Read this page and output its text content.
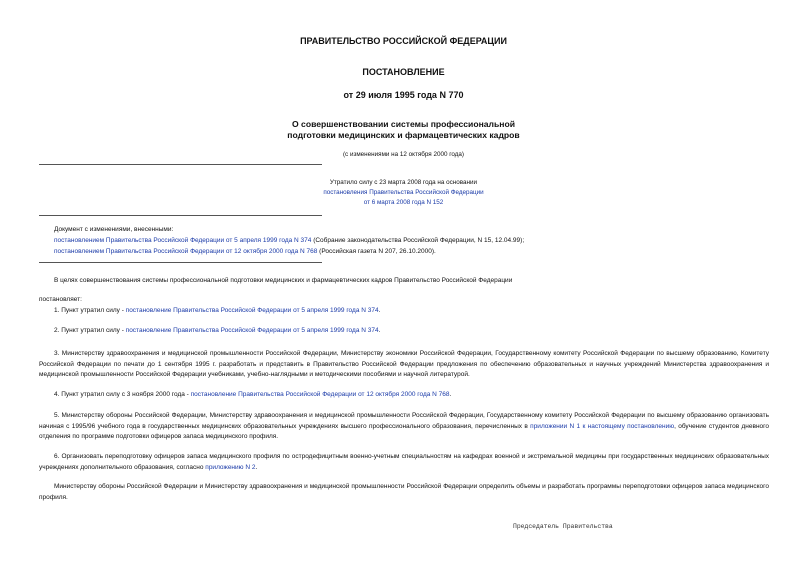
ПРАВИТЕЛЬСТВО РОССИЙСКОЙ ФЕДЕРАЦИИ
ПОСТАНОВЛЕНИЕ
от 29 июля 1995 года N 770
О совершенствовании системы профессиональной
подготовки медицинских и фармацевтических кадров
(с изменениями на 12 октября 2000 года)
Утратило силу с 23 марта 2008 года на основании
постановления Правительства Российской Федерации
от 6 марта 2008 года N 152
Документ с изменениями, внесенными:
постановлением Правительства Российской Федерации от 5 апреля 1999 года N 374 (Собрание законодательства Российской Федерации, N 15, 12.04.99);
постановлением Правительства Российской Федерации от 12 октября 2000 года N 768 (Российская газета N 207, 26.10.2000).
В целях совершенствования системы профессиональной подготовки медицинских и фармацевтических кадров Правительство Российской Федерации
постановляет:
1. Пункт утратил силу - постановление Правительства Российской Федерации от 5 апреля 1999 года N 374.
2. Пункт утратил силу - постановление Правительства Российской Федерации от 5 апреля 1999 года N 374.
3. Министерству здравоохранения и медицинской промышленности Российской Федерации, Министерству экономики Российской Федерации, Государственному комитету Российской Федерации по высшему образованию, Комитету Российской Федерации по печати до 1 сентября 1995 г. разработать и представить в Правительство Российской Федерации предложения по обеспечению образовательных и научных учреждений Министерства здравоохранения и медицинской промышленности Российской Федерации учебниками, учебно-наглядными и методическими пособиями и научной литературой.
4. Пункт утратил силу с 3 ноября 2000 года - постановление Правительства Российской Федерации от 12 октября 2000 года N 768.
5. Министерству обороны Российской Федерации, Министерству здравоохранения и медицинской промышленности Российской Федерации, Государственному комитету Российской Федерации по высшему образованию организовать начиная с 1995/96 учебного года в государственных медицинских образовательных учреждениях высшего профессионального образования, перечисленных в приложении N 1 к настоящему постановлению, обучение студентов дневного отделения по программе подготовки офицеров запаса медицинского профиля.
6. Организовать переподготовку офицеров запаса медицинского профиля по остродефицитным военно-учетным специальностям на кафедрах военной и экстремальной медицины при государственных медицинских образовательных учреждениях дополнительного образования, согласно приложению N 2.
Министерству обороны Российской Федерации и Министерству здравоохранения и медицинской промышленности Российской Федерации определить объемы и разработать программы переподготовки офицеров запаса медицинского профиля.
Председатель Правительства
